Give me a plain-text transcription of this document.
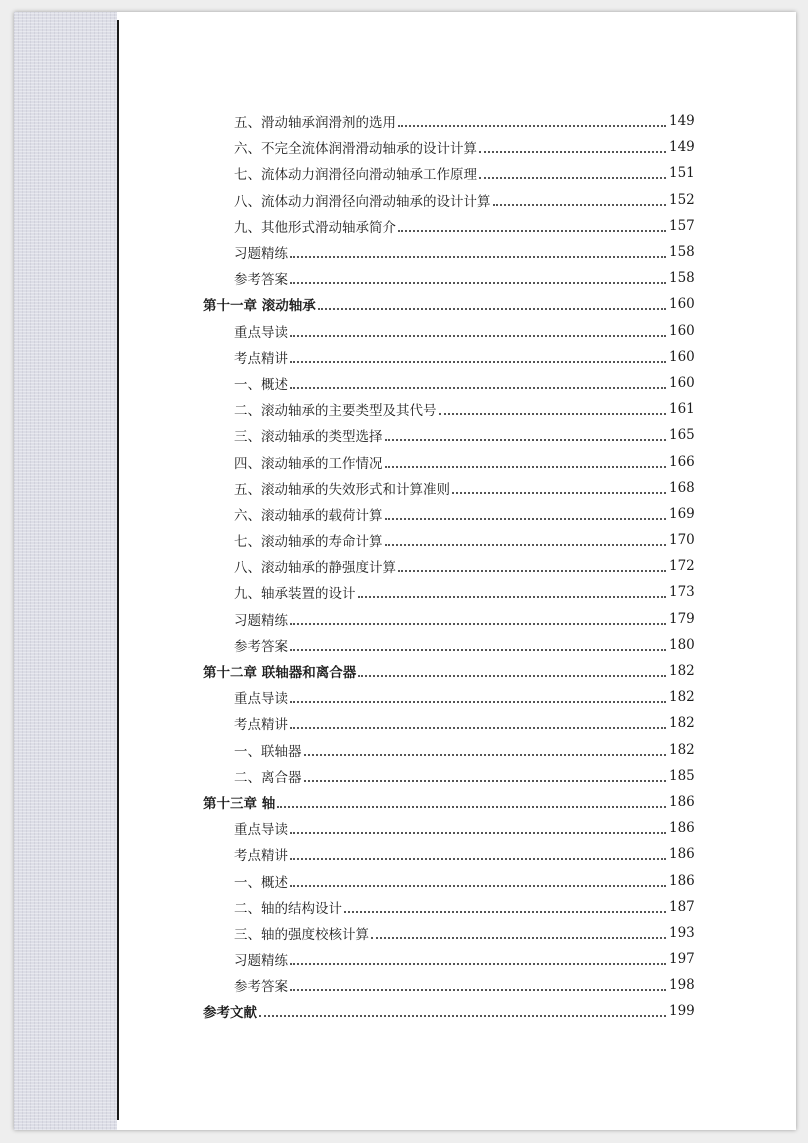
五、滑动轴承润滑剂的选用	149
六、不完全流体润滑滑动轴承的设计计算	149
七、流体动力润滑径向滑动轴承工作原理	151
八、流体动力润滑径向滑动轴承的设计计算	152
九、其他形式滑动轴承简介	157
习题精练	158
参考答案	158
第十一章 滚动轴承	160
重点导读	160
考点精讲	160
一、概述	160
二、滚动轴承的主要类型及其代号	161
三、滚动轴承的类型选择	165
四、滚动轴承的工作情况	166
五、滚动轴承的失效形式和计算准则	168
六、滚动轴承的载荷计算	169
七、滚动轴承的寿命计算	170
八、滚动轴承的静强度计算	172
九、轴承装置的设计	173
习题精练	179
参考答案	180
第十二章 联轴器和离合器	182
重点导读	182
考点精讲	182
一、联轴器	182
二、离合器	185
第十三章 轴	186
重点导读	186
考点精讲	186
一、概述	186
二、轴的结构设计	187
三、轴的强度校核计算	193
习题精练	197
参考答案	198
参考文献	199
